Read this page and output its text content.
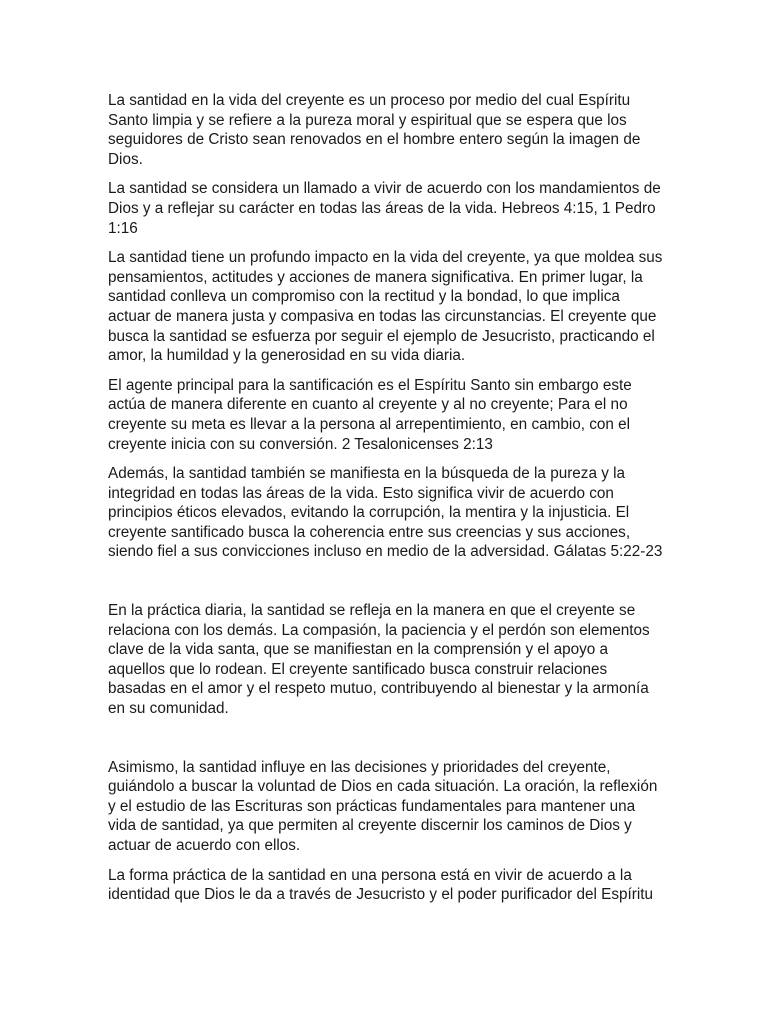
La santidad en la vida del creyente es un proceso por medio del cual Espíritu Santo limpia y se refiere a la pureza moral y espiritual que se espera que los seguidores de Cristo sean renovados en el hombre entero según la imagen de Dios.

La santidad se considera un llamado a vivir de acuerdo con los mandamientos de Dios y a reflejar su carácter en todas las áreas de la vida. Hebreos 4:15, 1 Pedro 1:16

La santidad tiene un profundo impacto en la vida del creyente, ya que moldea sus pensamientos, actitudes y acciones de manera significativa. En primer lugar, la santidad conlleva un compromiso con la rectitud y la bondad, lo que implica actuar de manera justa y compasiva en todas las circunstancias. El creyente que busca la santidad se esfuerza por seguir el ejemplo de Jesucristo, practicando el amor, la humildad y la generosidad en su vida diaria.

El agente principal para la santificación es el Espíritu Santo sin embargo este actúa de manera diferente en cuanto al creyente y al no creyente; Para el no creyente su meta es llevar a la persona al arrepentimiento, en cambio, con el creyente inicia con su conversión. 2 Tesalonicenses 2:13

Además, la santidad también se manifiesta en la búsqueda de la pureza y la integridad en todas las áreas de la vida. Esto significa vivir de acuerdo con principios éticos elevados, evitando la corrupción, la mentira y la injusticia. El creyente santificado busca la coherencia entre sus creencias y sus acciones, siendo fiel a sus convicciones incluso en medio de la adversidad. Gálatas 5:22-23

En la práctica diaria, la santidad se refleja en la manera en que el creyente se relaciona con los demás. La compasión, la paciencia y el perdón son elementos clave de la vida santa, que se manifiestan en la comprensión y el apoyo a aquellos que lo rodean. El creyente santificado busca construir relaciones basadas en el amor y el respeto mutuo, contribuyendo al bienestar y la armonía en su comunidad.

Asimismo, la santidad influye en las decisiones y prioridades del creyente, guiándolo a buscar la voluntad de Dios en cada situación. La oración, la reflexión y el estudio de las Escrituras son prácticas fundamentales para mantener una vida de santidad, ya que permiten al creyente discernir los caminos de Dios y actuar de acuerdo con ellos.

La forma práctica de la santidad en una persona está en vivir de acuerdo a la identidad que Dios le da a través de Jesucristo y el poder purificador del Espíritu
